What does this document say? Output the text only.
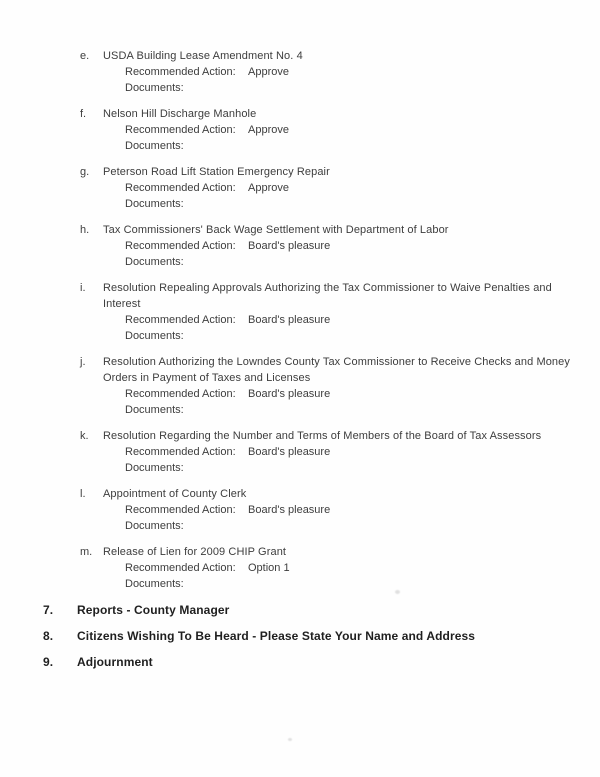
e.	USDA Building Lease Amendment No. 4
Recommended Action:	Approve
Documents:
f.	Nelson Hill Discharge Manhole
Recommended Action:	Approve
Documents:
g.	Peterson Road Lift Station Emergency Repair
Recommended Action:	Approve
Documents:
h.	Tax Commissioners' Back Wage Settlement with Department of Labor
Recommended Action:	Board's pleasure
Documents:
i.	Resolution Repealing Approvals Authorizing the Tax Commissioner to Waive Penalties and Interest
Recommended Action:	Board's pleasure
Documents:
j.	Resolution Authorizing the Lowndes County Tax Commissioner to Receive Checks and Money Orders in Payment of Taxes and Licenses
Recommended Action:	Board's pleasure
Documents:
k.	Resolution Regarding the Number and Terms of Members of the Board of Tax Assessors
Recommended Action:	Board's pleasure
Documents:
l.	Appointment of County Clerk
Recommended Action:	Board's pleasure
Documents:
m. Release of Lien for 2009 CHIP Grant
Recommended Action:	Option 1
Documents:
7.	Reports - County Manager
8.	Citizens Wishing To Be Heard - Please State Your Name and Address
9.	Adjournment
